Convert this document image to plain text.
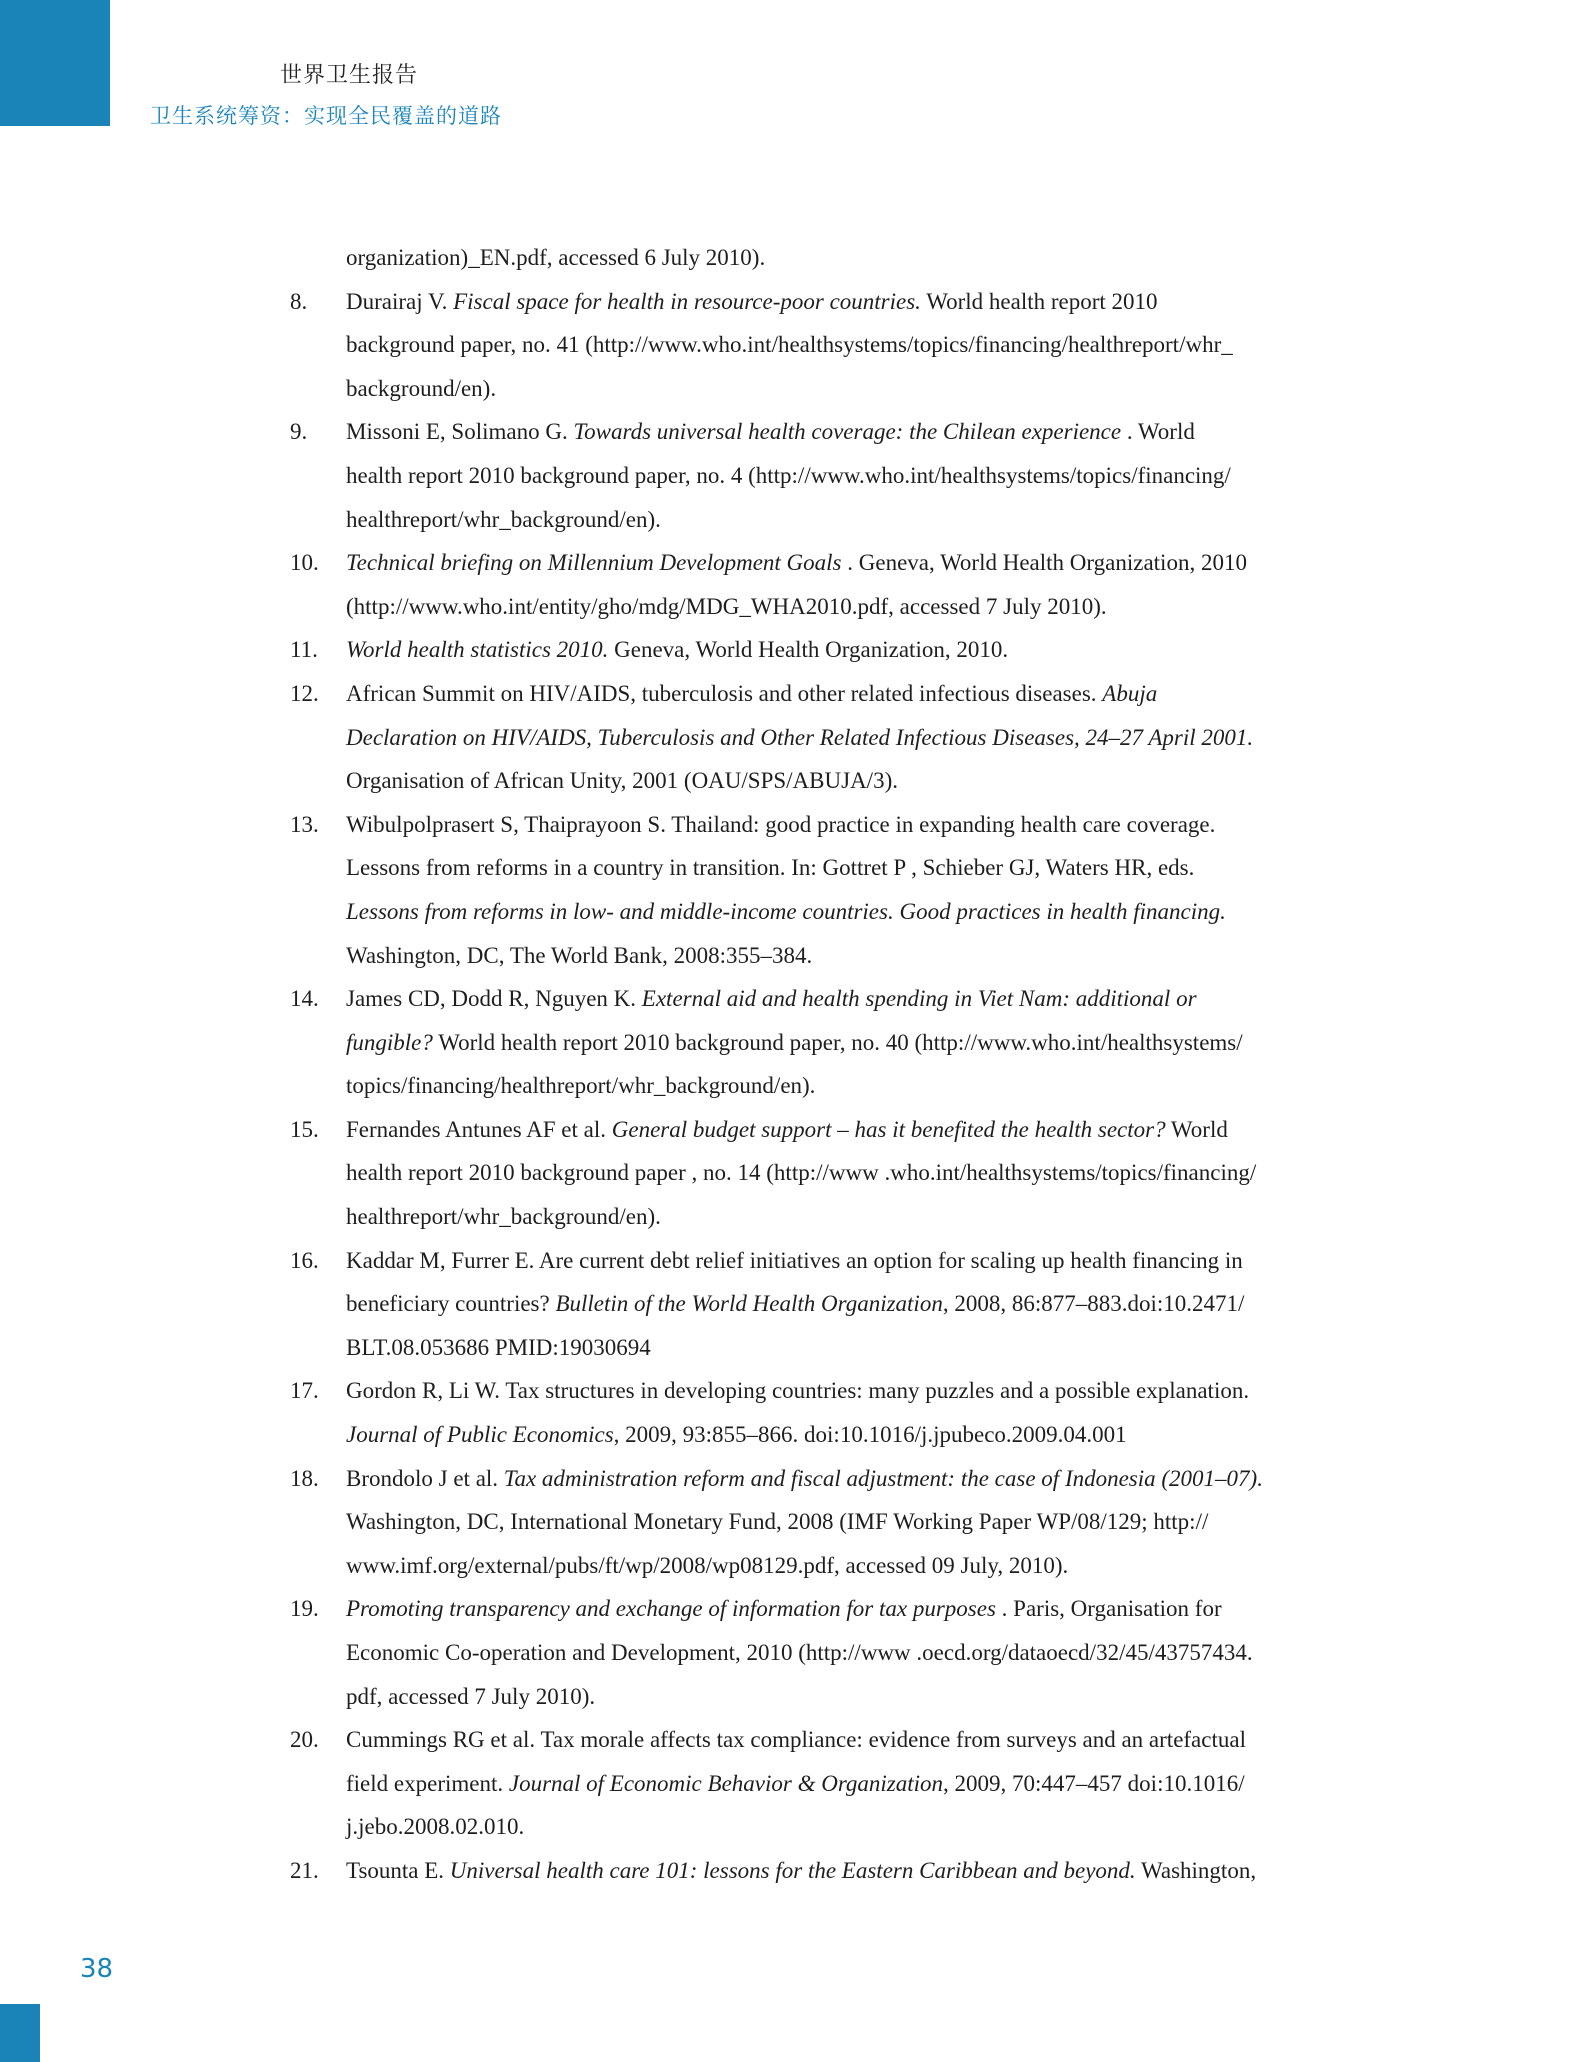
世界卫生报告
卫生系统筹资：实现全民覆盖的道路
organization)_EN.pdf, accessed 6 July 2010).
8.	Durairaj V. Fiscal space for health in resource-poor countries. World health report 2010
background paper, no. 41 (http://www.who.int/healthsystems/topics/financing/healthreport/whr_
background/en).
9.	Missoni E, Solimano G. Towards universal health coverage: the Chilean experience . World
health report 2010 background paper, no. 4 (http://www.who.int/healthsystems/topics/financing/
healthreport/whr_background/en).
10.	Technical briefing on Millennium Development Goals . Geneva, World Health Organization, 2010
(http://www.who.int/entity/gho/mdg/MDG_WHA2010.pdf, accessed 7 July 2010).
11.	World health statistics 2010. Geneva, World Health Organization, 2010.
12.	African Summit on HIV/AIDS, tuberculosis and other related infectious diseases. Abuja
Declaration on HIV/AIDS, Tuberculosis and Other Related Infectious Diseases, 24–27 April 2001.
Organisation of African Unity, 2001 (OAU/SPS/ABUJA/3).
13.	Wibulpolprasert S, Thaiprayoon S. Thailand: good practice in expanding health care coverage.
Lessons from reforms in a country in transition. In: Gottret P , Schieber GJ, Waters HR, eds.
Lessons from reforms in low- and middle-income countries. Good practices in health financing.
Washington, DC, The World Bank, 2008:355–384.
14.	James CD, Dodd R, Nguyen K. External aid and health spending in Viet Nam: additional or
fungible? World health report 2010 background paper, no. 40 (http://www.who.int/healthsystems/
topics/financing/healthreport/whr_background/en).
15.	Fernandes Antunes AF et al. General budget support – has it benefited the health sector? World
health report 2010 background paper , no. 14 (http://www .who.int/healthsystems/topics/financing/
healthreport/whr_background/en).
16.	Kaddar M, Furrer E. Are current debt relief initiatives an option for scaling up health financing in
beneficiary countries? Bulletin of the World Health Organization, 2008, 86:877–883.doi:10.2471/
BLT.08.053686 PMID:19030694
17.	Gordon R, Li W. Tax structures in developing countries: many puzzles and a possible explanation.
Journal of Public Economics, 2009, 93:855–866. doi:10.1016/j.jpubeco.2009.04.001
18.	Brondolo J et al. Tax administration reform and fiscal adjustment: the case of Indonesia (2001–07).
Washington, DC, International Monetary Fund, 2008 (IMF Working Paper WP/08/129; http://
www.imf.org/external/pubs/ft/wp/2008/wp08129.pdf, accessed 09 July, 2010).
19.	Promoting transparency and exchange of information for tax purposes . Paris, Organisation for
Economic Co-operation and Development, 2010 (http://www .oecd.org/dataoecd/32/45/43757434.
pdf, accessed 7 July 2010).
20.	Cummings RG et al. Tax morale affects tax compliance: evidence from surveys and an artefactual
field experiment. Journal of Economic Behavior & Organization, 2009, 70:447–457 doi:10.1016/
j.jebo.2008.02.010.
21.	Tsounta E. Universal health care 101: lessons for the Eastern Caribbean and beyond. Washington,
38
